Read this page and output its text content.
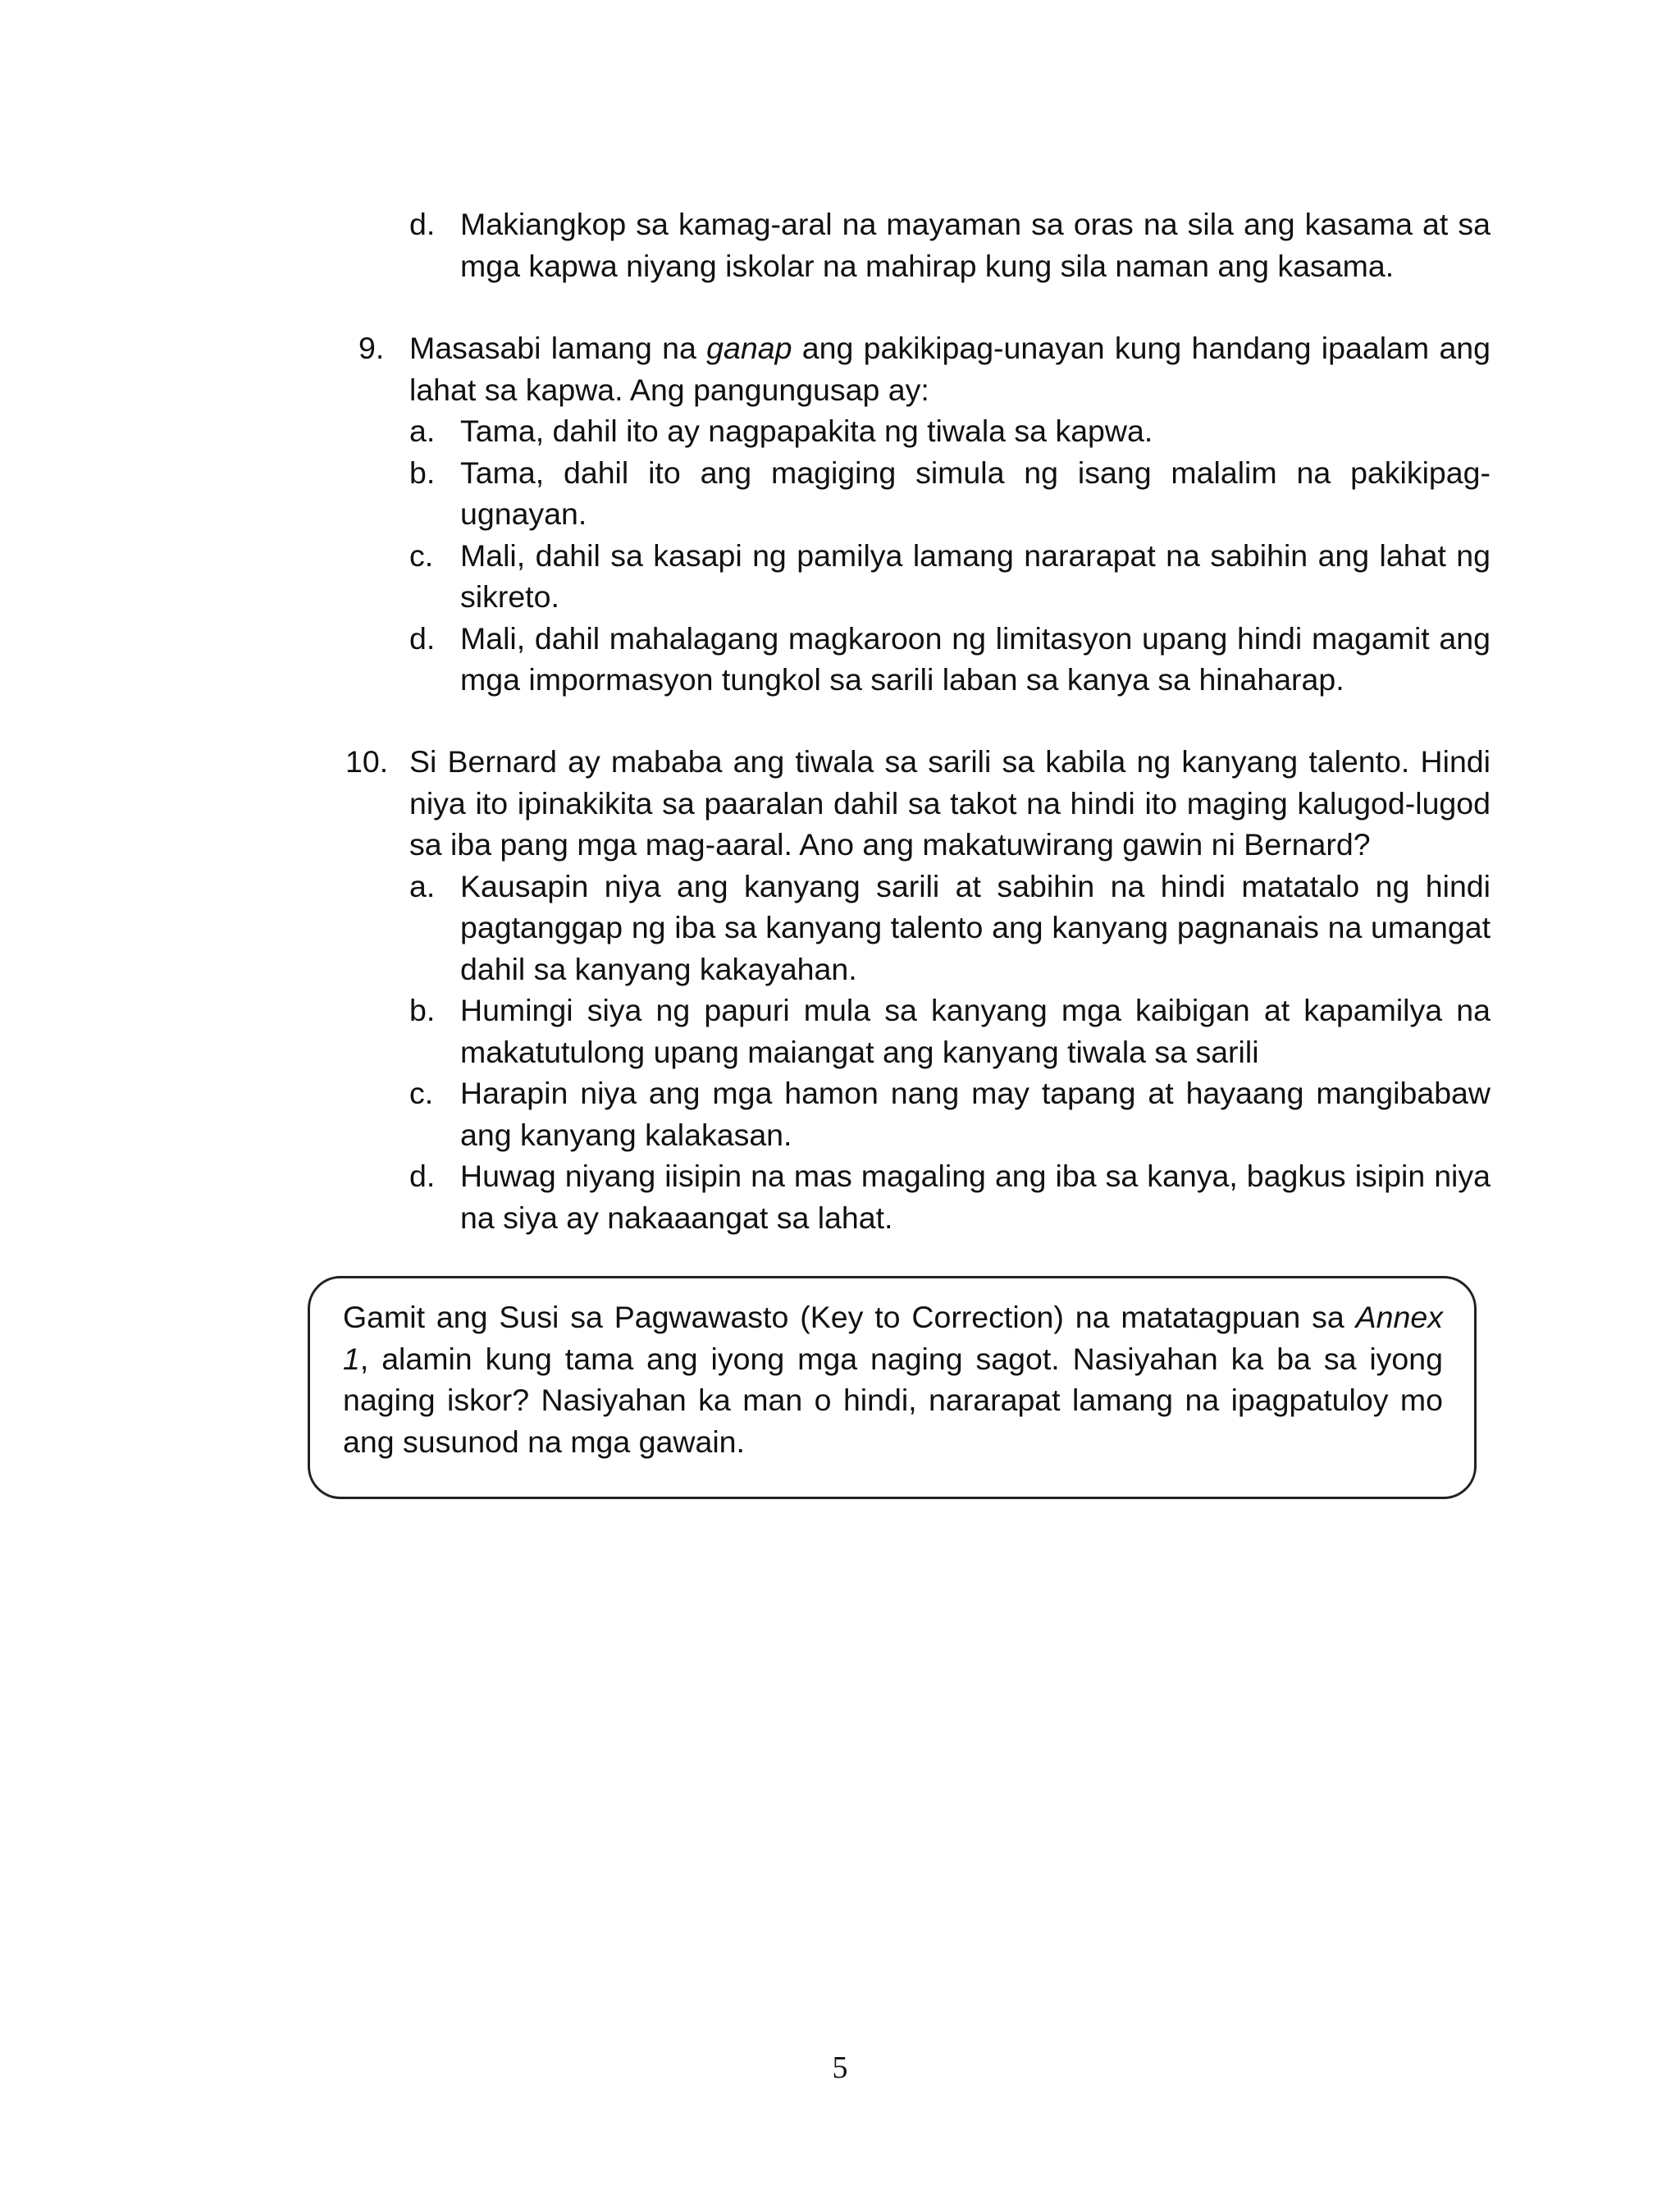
d. Makiangkop sa kamag-aral na mayaman sa oras na sila ang kasama at sa mga kapwa niyang iskolar na mahirap kung sila naman ang kasama.
9. Masasabi lamang na ganap ang pakikipag-unayan kung handang ipaalam ang lahat sa kapwa. Ang pangungusap ay:
a. Tama, dahil ito ay nagpapakita ng tiwala sa kapwa.
b. Tama, dahil ito ang magiging simula ng isang malalim na pakikipag-ugnayan.
c. Mali, dahil sa kasapi ng pamilya lamang nararapat na sabihin ang lahat ng sikreto.
d. Mali, dahil mahalagang magkaroon ng limitasyon upang hindi magamit ang mga impormasyon tungkol sa sarili laban sa kanya sa hinaharap.
10. Si Bernard ay mababa ang tiwala sa sarili sa kabila ng kanyang talento. Hindi niya ito ipinakikita sa paaralan dahil sa takot na hindi ito maging kalugod-lugod sa iba pang mga mag-aaral. Ano ang makatuwirang gawin ni Bernard?
a. Kausapin niya ang kanyang sarili at sabihin na hindi matatalo ng hindi pagtanggap ng iba sa kanyang talento ang kanyang pagnanais na umangat dahil sa kanyang kakayahan.
b. Humingi siya ng papuri mula sa kanyang mga kaibigan at kapamilya na makatutulong upang maiangat ang kanyang tiwala sa sarili
c. Harapin niya ang mga hamon nang may tapang at hayaang mangibabaw ang kanyang kalakasan.
d. Huwag niyang iisipin na mas magaling ang iba sa kanya, bagkus isipin niya na siya ay nakaaangat sa lahat.
Gamit ang Susi sa Pagwawasto (Key to Correction) na matatagpuan sa Annex 1, alamin kung tama ang iyong mga naging sagot. Nasiyahan ka ba sa iyong naging iskor? Nasiyahan ka man o hindi, nararapat lamang na ipagpatuloy mo ang susunod na mga gawain.
5
